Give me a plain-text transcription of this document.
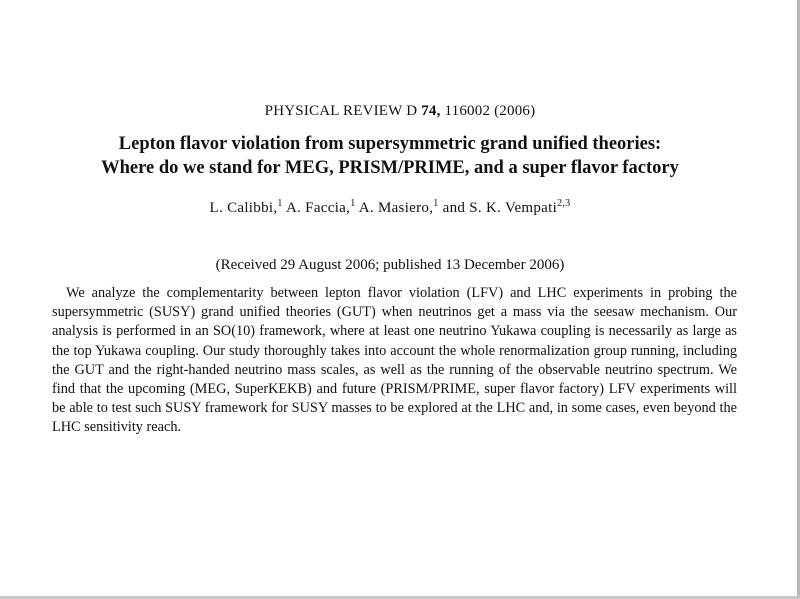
PHYSICAL REVIEW D 74, 116002 (2006)
Lepton flavor violation from supersymmetric grand unified theories:
Where do we stand for MEG, PRISM/PRIME, and a super flavor factory
L. Calibbi,$^1$ A. Faccia,$^1$ A. Masiero,$^1$ and S. K. Vempati$^{2,3}$
(Received 29 August 2006; published 13 December 2006)
We analyze the complementarity between lepton flavor violation (LFV) and LHC experiments in probing the supersymmetric (SUSY) grand unified theories (GUT) when neutrinos get a mass via the seesaw mechanism. Our analysis is performed in an SO(10) framework, where at least one neutrino Yukawa coupling is necessarily as large as the top Yukawa coupling. Our study thoroughly takes into account the whole renormalization group running, including the GUT and the right-handed neutrino mass scales, as well as the running of the observable neutrino spectrum. We find that the upcoming (MEG, SuperKEKB) and future (PRISM/PRIME, super flavor factory) LFV experiments will be able to test such SUSY framework for SUSY masses to be explored at the LHC and, in some cases, even beyond the LHC sensitivity reach.
